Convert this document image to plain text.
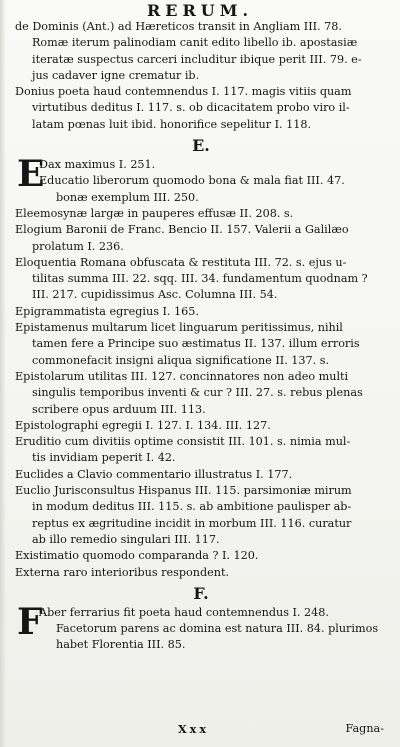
RERUM.

de Dominis (Ant.) ad Hæreticos transit in Angliam III. 78.

Romæ iterum palinodiam canit edito libello ib. apostasiæ

iteratæ suspectus carceri includitur ibique perit III. 79. e-

jus cadaver igne crematur ib.

Donius poeta haud contemnendus I. 117. magis vitiis quam

virtutibus deditus I. 117. s. ob dicacitatem probo viro il-

latam pœnas luit ibid. honorifice sepelitur I. 118.

E.
E

Dax maximus I. 251.

Educatio liberorum quomodo bona & mala fiat III. 47.

bonæ exemplum III. 250.

Eleemosynæ largæ in pauperes effusæ II. 208. s.

Elogium Baronii de Franc. Bencio II. 157. Valerii a Galilæo

prolatum I. 236.

Eloquentia Romana obfuscata & restituta III. 72. s. ejus u-

tilitas summa III. 22. sqq. III. 34. fundamentum quodnam ?

III. 217. cupidissimus Asc. Columna III. 54.

Epigrammatista egregius I. 165.

Epistamenus multarum licet linguarum peritissimus, nihil

tamen fere a Principe suo æstimatus II. 137. illum erroris

commonefacit insigni aliqua significatione II. 137. s.

Epistolarum utilitas III. 127. concinnatores non adeo multi

singulis temporibus inventi & cur ? III. 27. s. rebus plenas

scribere opus arduum III. 113.

Epistolographi egregii I. 127. I. 134. III. 127.

Eruditio cum divitiis optime consistit III. 101. s. nimia mul-

tis invidiam peperit I. 42.

Euclides a Clavio commentario illustratus I. 177.

Euclio Jurisconsultus Hispanus III. 115. parsimoniæ mirum

in modum deditus III. 115. s. ab ambitione paulisper ab-

reptus ex ægritudine incidit in morbum III. 116. curatur

ab illo remedio singulari III. 117.

Existimatio quomodo comparanda ? I. 120.

Externa raro interioribus respondent.

F.
F

Aber ferrarius fit poeta haud contemnendus I. 248.

Facetorum parens ac domina est natura III. 84. plurimos

habet Florentia III. 85.

Xxx	Fagna-
